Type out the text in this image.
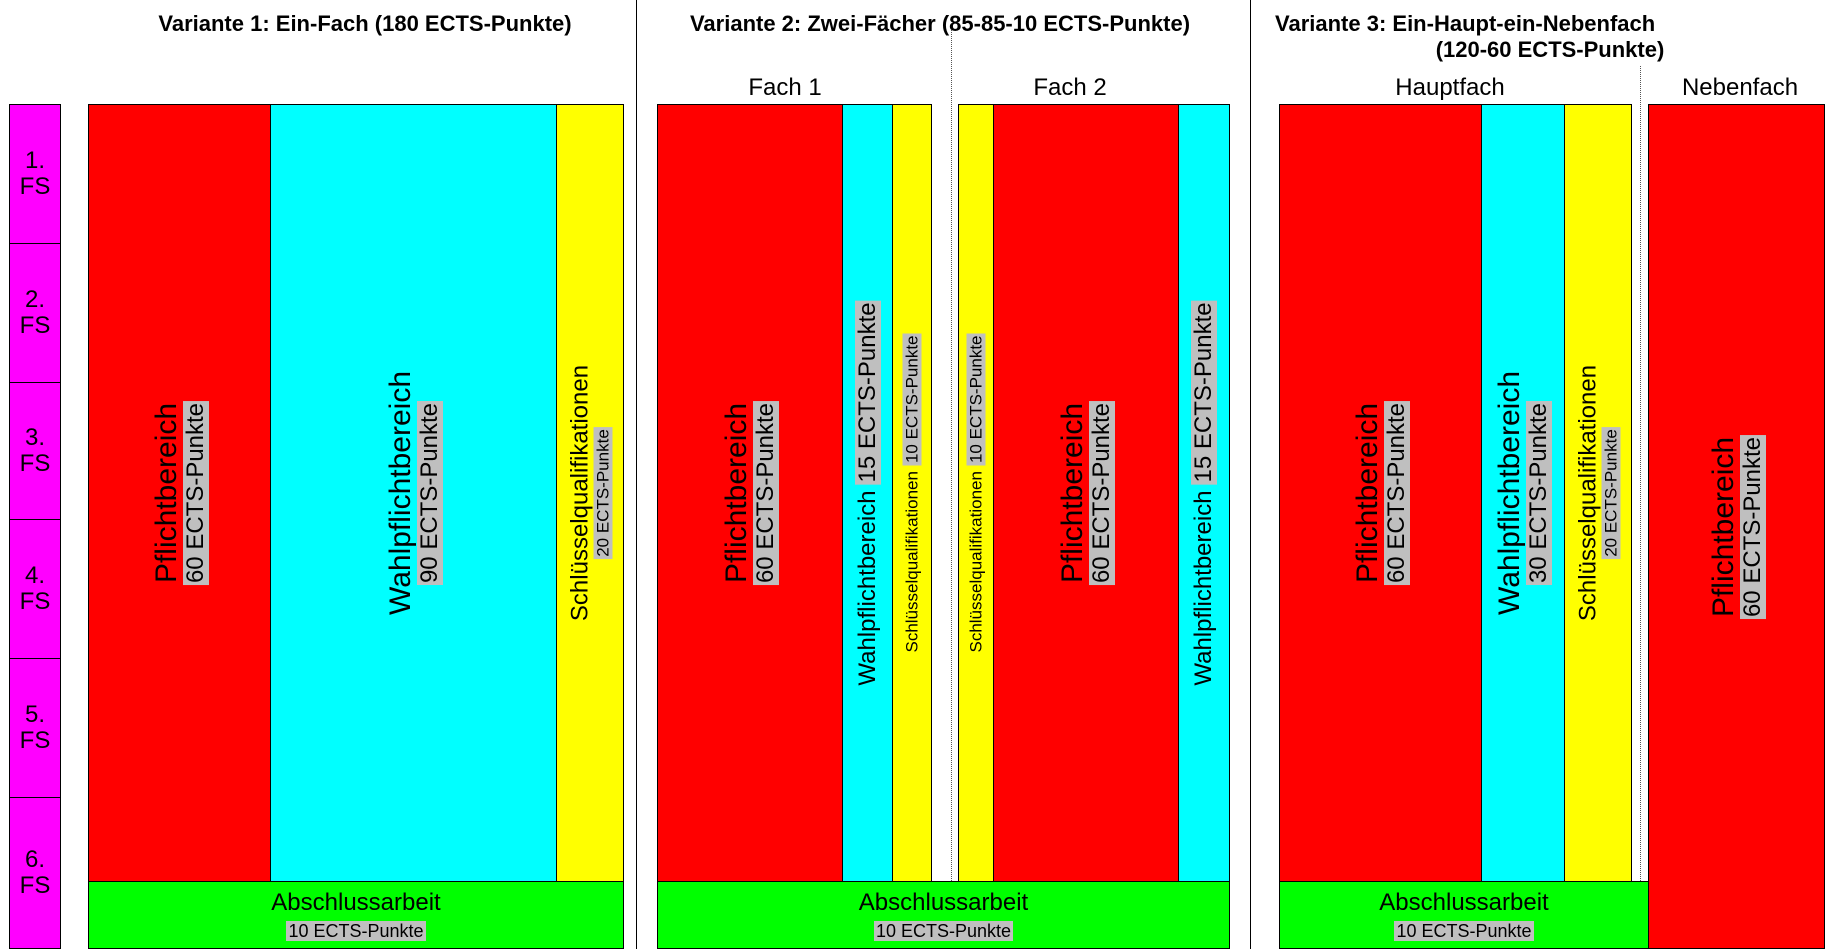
Variante 1: Ein-Fach (180 ECTS-Punkte)	Variante 2: Zwei-Fächer (85-85-10 ECTS-Punkte)	Variante 3: Ein-Haupt-ein-Nebenfach
(120-60 ECTS-Punkte)
Fach 1	Fach 2	Hauptfach	Nebenfach
1.
FS
2.
FS
3.
FS
4.
FS
5.
FS
6.
FS
Pflichtbereich 60 ECTS-Punkte	Wahlpflichtbereich 90 ECTS-Punkte	Schlüsselqualifikationen 20 ECTS-Punkte
Abschlussarbeit
10 ECTS-Punkte
Pflichtbereich 60 ECTS-Punkte	Wahlpflichtbereich
15 ECTS-Punkte
Schlüsselqualifikationen
10 ECTS-Punkte
Schlüsselqualifikationen
10 ECTS-Punkte
Pflichtbereich 60 ECTS-Punkte	Wahlpflichtbereich
15 ECTS-Punkte
Abschlussarbeit
10 ECTS-Punkte
Pflichtbereich 60 ECTS-Punkte	Wahlpflichtbereich 30 ECTS-Punkte Schlüsselqualifikationen 20 ECTS-Punkte	Pflichtbereich 60 ECTS-Punkte
Abschlussarbeit
10 ECTS-Punkte
